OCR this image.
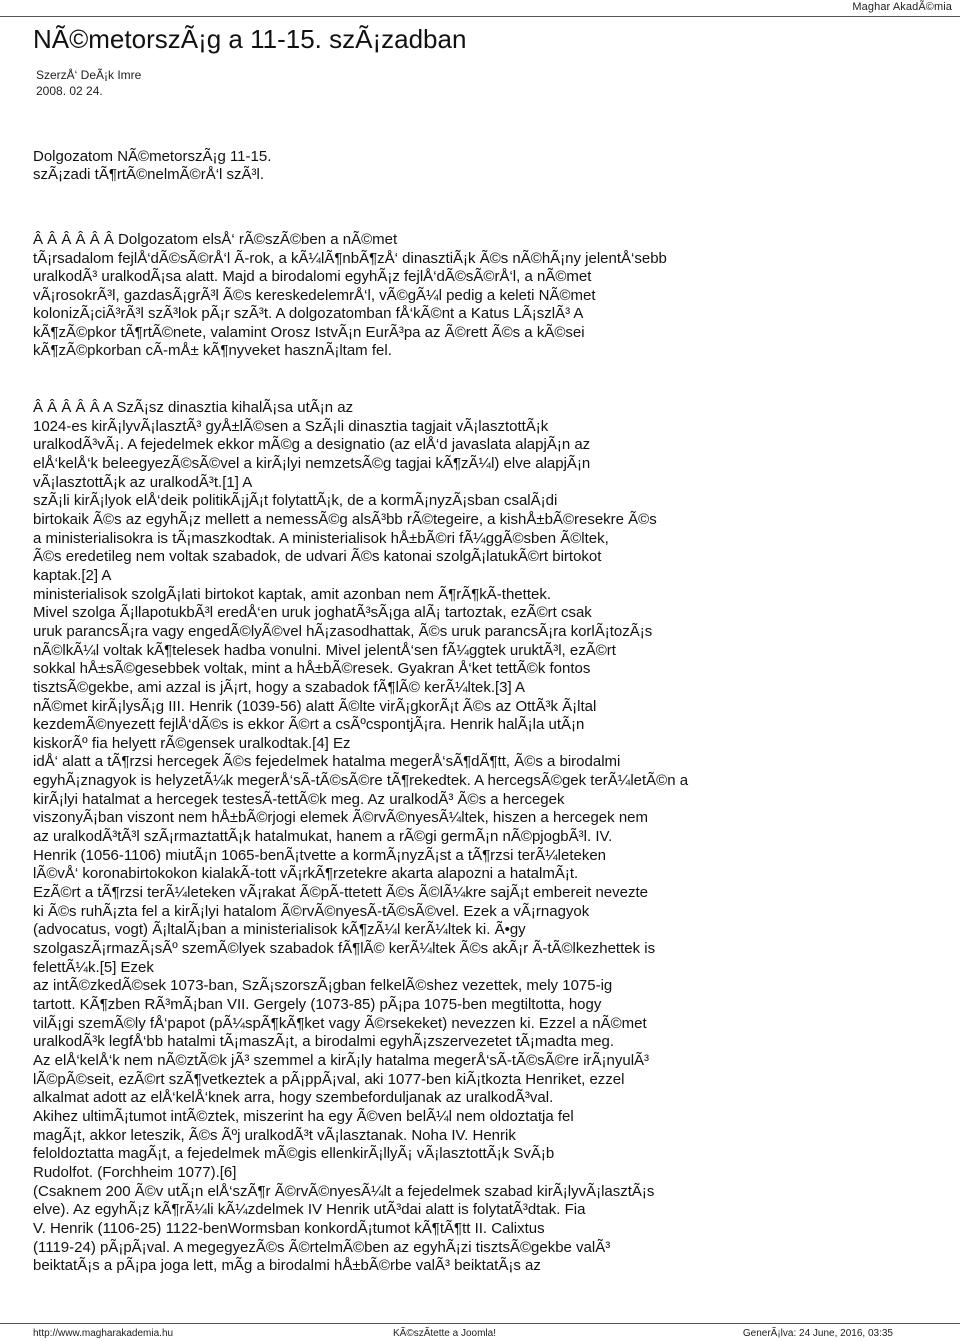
Maghar AkadÃ©mia
NÃ©metorszÃ¡g a 11-15. szÃ¡zadban
SzerzÅ‘ DeÃ¡k Imre
2008. 02 24.
Dolgozatom NÃ©metorszÃ¡g 11-15.
szÃ¡zadi tÃ¶rtÃ©nelmÃ©rÅ‘l szÃ³l.
Â Â Â Â Â Â Dolgozatom elsÅ‘ rÃ©szÃ©ben a nÃ©met
tÃ¡rsadalom fejlÅ‘dÃ©sÃ©rÅ‘l Ã-rok, a kÃ¼lÃ¶nbÃ¶zÅ‘ dinasztiÃ¡k Ã©s nÃ©hÃ¡ny jelentÅ‘sebb
uralkodÃ³ uralkodÃ¡sa alatt. Majd a birodalomi egyhÃ¡z fejlÅ‘dÃ©sÃ©rÅ‘l, a nÃ©met
vÃ¡rosokrÃ³l, gazdasÃ¡grÃ³l Ã©s kereskedelemrÅ‘l, vÃ©gÃ¼l pedig a keleti NÃ©met
kolonizÃ¡ciÃ³rÃ³l szÃ³lok pÃ¡r szÃ³t. A dolgozatomban fÅ‘kÃ©nt a Katus LÃ¡szlÃ³ A
kÃ¶zÃ©pkor tÃ¶rtÃ©nete, valamint Orosz IstvÃ¡n EurÃ³pa az Ã©rett Ã©s a kÃ©sei
kÃ¶zÃ©pkorban cÃ-mÅ± kÃ¶nyveket hasznÃ¡ltam fel.
Â Â Â Â Â A SzÃ¡sz dinasztia kihalÃ¡sa utÃ¡n az
1024-es kirÃ¡lyvÃ¡lasztÃ³ gyÅ±lÃ©sen a SzÃ¡li dinasztia tagjait vÃ¡lasztottÃ¡k
uralkodÃ³vÃ¡. A fejedelmek ekkor mÃ©g a designatio (az elÅ‘d javaslata alapjÃ¡n az
elÅ‘kelÅ‘k beleegyezÃ©sÃ©vel a kirÃ¡lyi nemzetsÃ©g tagjai kÃ¶zÃ¼l) elve alapjÃ¡n
vÃ¡lasztottÃ¡k az uralkodÃ³t.[1] A
szÃ¡li kirÃ¡lyok elÅ‘deik politikÃ¡jÃ¡t folytattÃ¡k, de a kormÃ¡nyzÃ¡sban csalÃ¡di
birtokaik Ã©s az egyhÃ¡z mellett a nemessÃ©g alsÃ³bb rÃ©tegeire, a kishÅ±bÃ©resekre Ã©s
a ministerialisokra is tÃ¡maszkodtak. A ministerialisok hÅ±bÃ©ri fÃ¼ggÃ©sben Ã©ltek,
Ã©s eredetileg nem voltak szabadok, de udvari Ã©s katonai szolgÃ¡latukÃ©rt birtokot
kaptak.[2] A
ministerialisok szolgÃ¡lati birtokot kaptak, amit azonban nem Ã¶rÃ¶kÃ-thettek.
Mivel szolga Ã¡llapotukbÃ³l eredÅ‘en uruk joghatÃ³sÃ¡ga alÃ¡ tartoztak, ezÃ©rt csak
uruk parancsÃ¡ra vagy engedÃ©lyÃ©vel hÃ¡zasodhattak, Ã©s uruk parancsÃ¡ra korlÃ¡tozÃ¡s
nÃ©lkÃ¼l voltak kÃ¶telesek hadba vonulni. Mivel jelentÅ‘sen fÃ¼ggtek uruktÃ³l, ezÃ©rt
sokkal hÅ±sÃ©gesebbek voltak, mint a hÅ±bÃ©resek. Gyakran Å‘ket tettÃ©k fontos
tisztsÃ©gekbe, ami azzal is jÃ¡rt, hogy a szabadok fÃ¶lÃ© kerÃ¼ltek.[3] A
nÃ©met kirÃ¡lysÃ¡g III. Henrik (1039-56) alatt Ã©lte virÃ¡gkorÃ¡t Ã©s az OttÃ³k Ã¡ltal
kezdemÃ©nyezett fejlÅ‘dÃ©s is ekkor Ã©rt a csÃºcspontjÃ¡ra. Henrik halÃ¡la utÃ¡n
kiskorÃº fia helyett rÃ©gensek uralkodtak.[4] Ez
idÅ‘ alatt a tÃ¶rzsi hercegek Ã©s fejedelmek hatalma megerÅ‘sÃ¶dÃ¶tt, Ã©s a birodalmi
egyhÃ¡znagyok is helyzetÃ¼k megerÅ‘sÃ-tÃ©sÃ©re tÃ¶rekedtek. A hercegsÃ©gek terÃ¼letÃ©n a
kirÃ¡lyi hatalmat a hercegek testesÃ-tettÃ©k meg. Az uralkodÃ³ Ã©s a hercegek
viszonyÃ¡ban viszont nem hÅ±bÃ©rjogi elemek Ã©rvÃ©nyesÃ¼ltek, hiszen a hercegek nem
az uralkodÃ³tÃ³l szÃ¡rmaztattÃ¡k hatalmukat, hanem a rÃ©gi germÃ¡n nÃ©pjogbÃ³l. IV.
Henrik (1056-1106) miutÃ¡n 1065-benÃ¡tvette a kormÃ¡nyzÃ¡st a tÃ¶rzsi terÃ¼leteken
lÃ©vÅ‘ koronabirtokokon kialakÃ-tott vÃ¡rkÃ¶rzetekre akarta alapozni a hatalmÃ¡t.
EzÃ©rt a tÃ¶rzsi terÃ¼leteken vÃ¡rakat Ã©pÃ-ttetett Ã©s Ã©lÃ¼kre sajÃ¡t embereit nevezte
ki Ã©s ruhÃ¡zta fel a kirÃ¡lyi hatalom Ã©rvÃ©nyesÃ-tÃ©sÃ©vel. Ezek a vÃ¡rnagyok
(advocatus, vogt) Ã¡ltalÃ¡ban a ministerialisok kÃ¶zÃ¼l kerÃ¼ltek ki. Ã•gy
szolgaszÃ¡rmazÃ¡sÃº szemÃ©lyek szabadok fÃ¶lÃ© kerÃ¼ltek Ã©s akÃ¡r Ã-tÃ©lkezhettek is
felettÃ¼k.[5] Ezek
az intÃ©zkedÃ©sek 1073-ban, SzÃ¡szorszÃ¡gban felkelÃ©shez vezettek, mely 1075-ig
tartott. KÃ¶zben RÃ³mÃ¡ban VII. Gergely (1073-85) pÃ¡pa 1075-ben megtiltotta, hogy
vilÃ¡gi szemÃ©ly fÅ‘papot (pÃ¼spÃ¶kÃ¶ket vagy Ã©rsekeket) nevezzen ki. Ezzel a nÃ©met
uralkodÃ³k legfÅ‘bb hatalmi tÃ¡maszÃ¡t, a birodalmi egyhÃ¡zszervezetet tÃ¡madta meg.
Az elÅ‘kelÅ‘k nem nÃ©ztÃ©k jÃ³ szemmel a kirÃ¡ly hatalma megerÅ‘sÃ-tÃ©sÃ©re irÃ¡nyulÃ³
lÃ©pÃ©seit, ezÃ©rt szÃ¶vetkeztek a pÃ¡ppÃ¡val, aki 1077-ben kiÃ¡tkozta Henriket, ezzel
alkalmat adott az elÅ‘kelÅ‘knek arra, hogy szembeforduljanak az uralkodÃ³val.
Akihez ultimÃ¡tumot intÃ©ztek, miszerint ha egy Ã©ven belÃ¼l nem oldoztatja fel
magÃ¡t, akkor leteszik, Ã©s Ãºj uralkodÃ³t vÃ¡lasztanak. Noha IV. Henrik
feloldoztatta magÃ¡t, a fejedelmek mÃ©gis ellenkirÃ¡llyÃ¡ vÃ¡lasztottÃ¡k SvÃ¡b
Rudolfot. (Forchheim 1077).[6]
(Csaknem 200 Ã©v utÃ¡n elÅ‘szÃ¶r Ã©rvÃ©nyesÃ¼lt a fejedelmek szabad kirÃ¡lyvÃ¡lasztÃ¡s
elve). Az egyhÃ¡z kÃ¶rÃ¼li kÃ¼zdelmek IV Henrik utÃ³dai alatt is folytatÃ³dtak. Fia
V. Henrik (1106-25) 1122-benWormsban konkordÃ¡tumot kÃ¶tÃ¶tt II. Calixtus
(1119-24) pÃ¡pÃ¡val. A megegyezÃ©s Ã©rtelmÃ©ben az egyhÃ¡zi tisztsÃ©gekbe valÃ³
beiktatÃ¡s a pÃ¡pa joga lett, mÃg a birodalmi hÅ±bÃ©rbe valÃ³ beiktatÃ¡s az
http://www.magharakademia.hu	KÃ©szÃtette a Joomla!	GenerÃ¡lva: 24 June, 2016, 03:35
